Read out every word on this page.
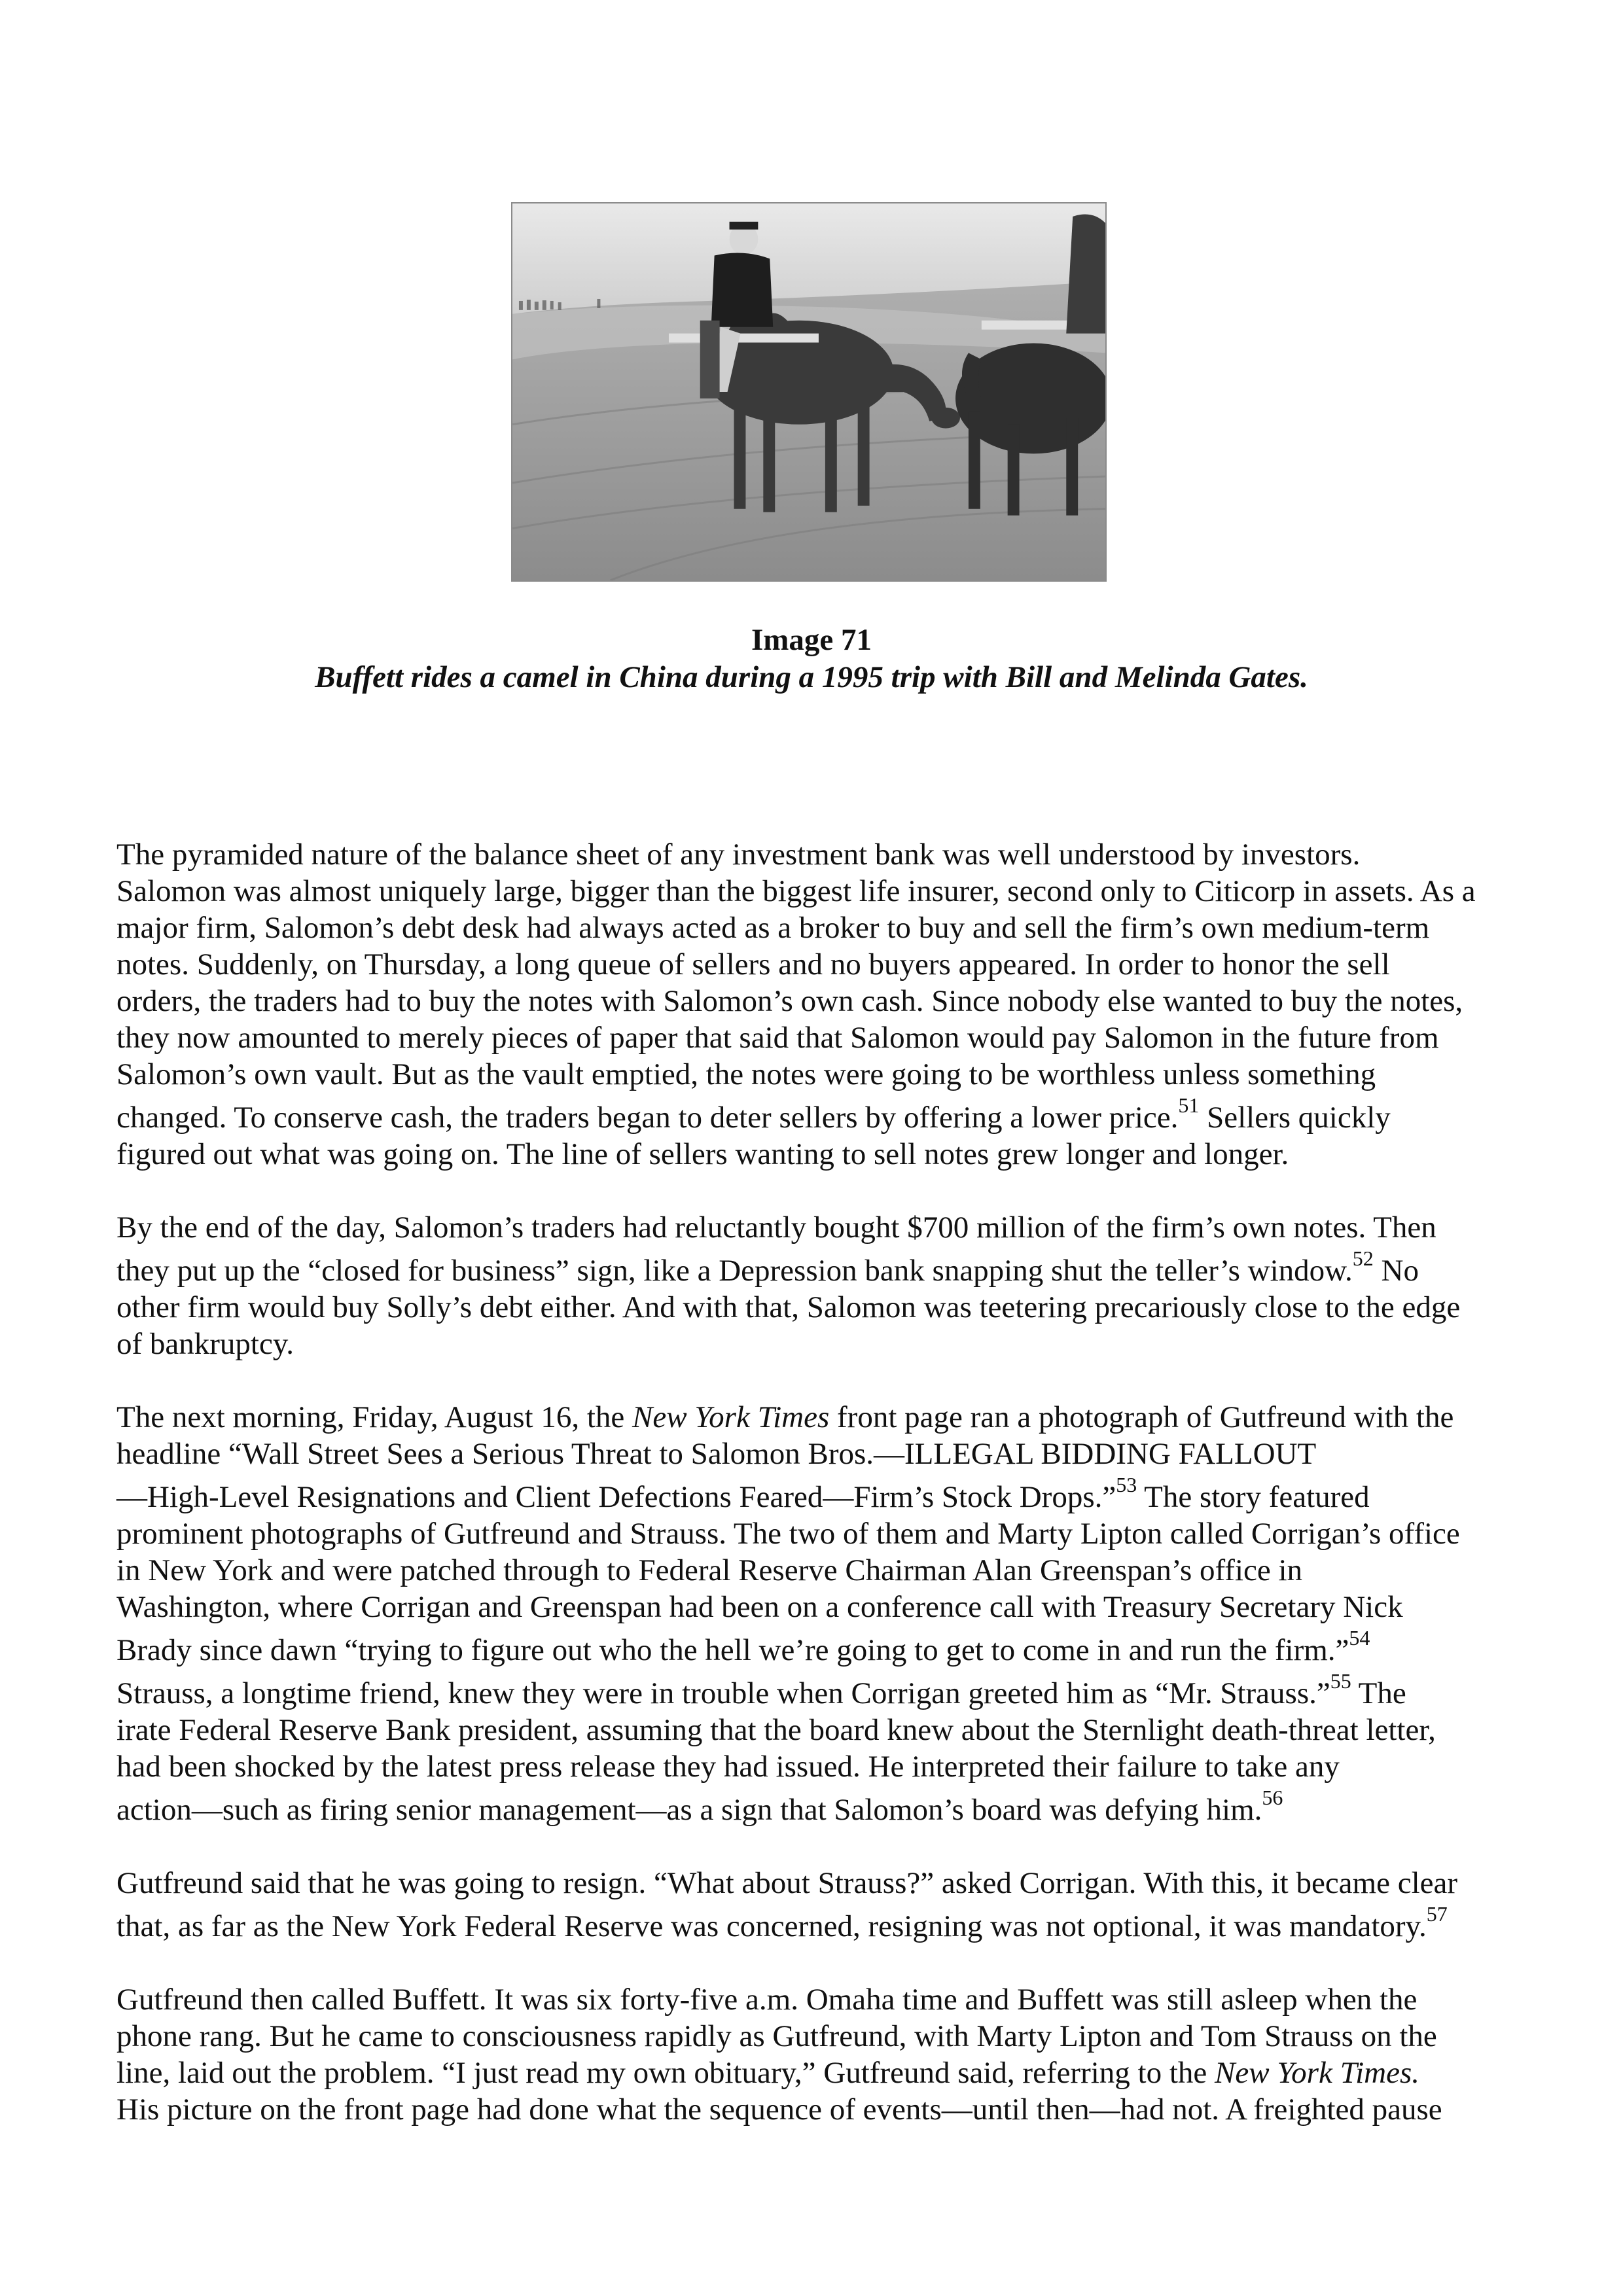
Image 71
Buffett rides a camel in China during a 1995 trip with Bill and Melinda Gates.
The pyramided nature of the balance sheet of any investment bank was well understood by investors.
Salomon was almost uniquely large, bigger than the biggest life insurer, second only to Citicorp in assets. As a
major firm, Salomon’s debt desk had always acted as a broker to buy and sell the firm’s own medium-term
notes. Suddenly, on Thursday, a long queue of sellers and no buyers appeared. In order to honor the sell
orders, the traders had to buy the notes with Salomon’s own cash. Since nobody else wanted to buy the notes,
they now amounted to merely pieces of paper that said that Salomon would pay Salomon in the future from
Salomon’s own vault. But as the vault emptied, the notes were going to be worthless unless something
changed. To conserve cash, the traders began to deter sellers by offering a lower price.$^{51}$ Sellers quickly
figured out what was going on. The line of sellers wanting to sell notes grew longer and longer.
By the end of the day, Salomon’s traders had reluctantly bought $700 million of the firm’s own notes. Then
they put up the “closed for business” sign, like a Depression bank snapping shut the teller’s window.$^{52}$ No
other firm would buy Solly’s debt either. And with that, Salomon was teetering precariously close to the edge
of bankruptcy.
The next morning, Friday, August 16, the New York Times front page ran a photograph of Gutfreund with the
headline “Wall Street Sees a Serious Threat to Salomon Bros.—ILLEGAL BIDDING FALLOUT
—High-Level Resignations and Client Defections Feared—Firm’s Stock Drops.”$^{53}$ The story featured
prominent photographs of Gutfreund and Strauss. The two of them and Marty Lipton called Corrigan’s office
in New York and were patched through to Federal Reserve Chairman Alan Greenspan’s office in
Washington, where Corrigan and Greenspan had been on a conference call with Treasury Secretary Nick
Brady since dawn “trying to figure out who the hell we’re going to get to come in and run the firm.”$^{54}$
Strauss, a longtime friend, knew they were in trouble when Corrigan greeted him as “Mr. Strauss.”$^{55}$ The
irate Federal Reserve Bank president, assuming that the board knew about the Sternlight death-threat letter,
had been shocked by the latest press release they had issued. He interpreted their failure to take any
action—such as firing senior management—as a sign that Salomon’s board was defying him.$^{56}$
Gutfreund said that he was going to resign. “What about Strauss?” asked Corrigan. With this, it became clear
that, as far as the New York Federal Reserve was concerned, resigning was not optional, it was mandatory.$^{57}$
Gutfreund then called Buffett. It was six forty-five a.m. Omaha time and Buffett was still asleep when the
phone rang. But he came to consciousness rapidly as Gutfreund, with Marty Lipton and Tom Strauss on the
line, laid out the problem. “I just read my own obituary,” Gutfreund said, referring to the New York Times.
His picture on the front page had done what the sequence of events—until then—had not. A freighted pause
